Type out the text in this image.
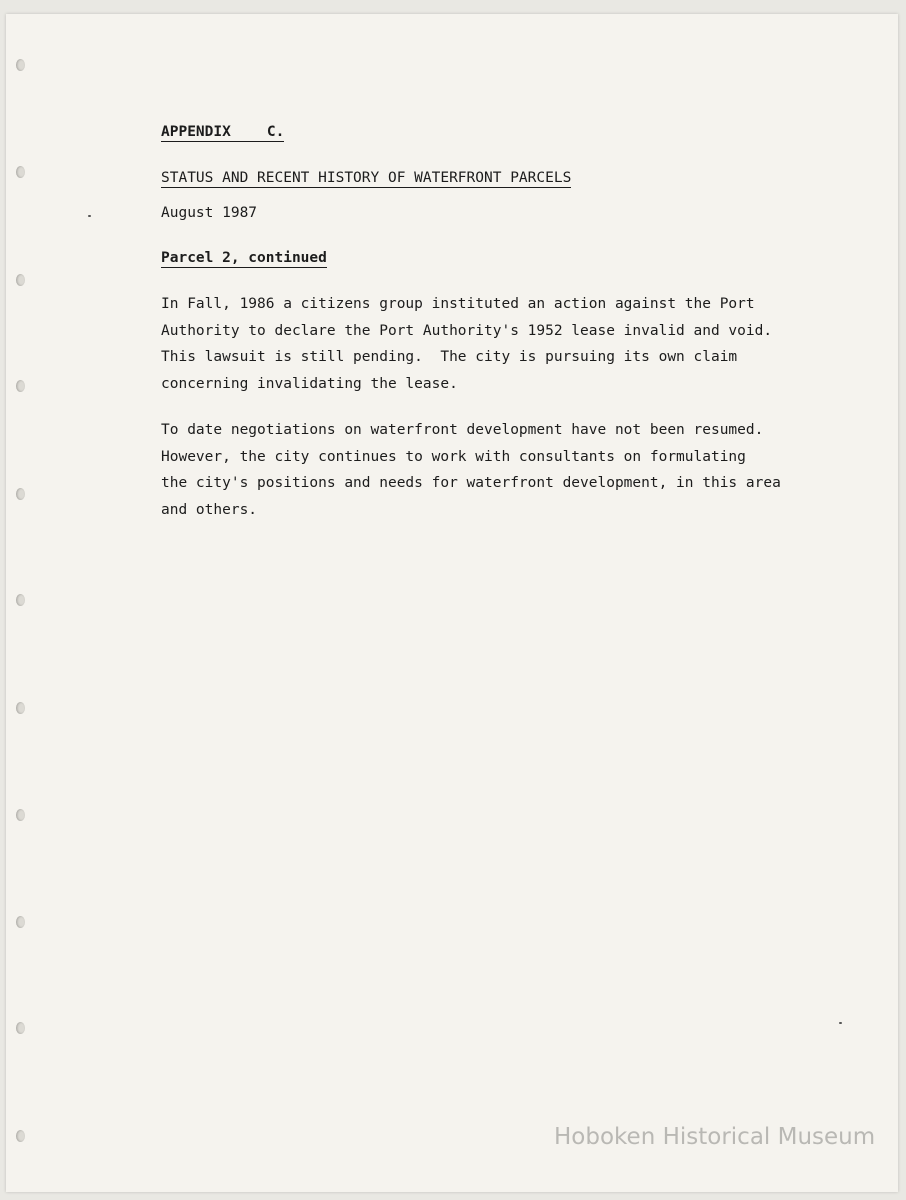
APPENDIX C.
STATUS AND RECENT HISTORY OF WATERFRONT PARCELS
August 1987
Parcel 2, continued

In Fall, 1986 a citizens group instituted an action against the Port
Authority to declare the Port Authority's 1952 lease invalid and void.
This lawsuit is still pending.  The city is pursuing its own claim
concerning invalidating the lease.

To date negotiations on waterfront development have not been resumed.
However, the city continues to work with consultants on formulating
the city's positions and needs for waterfront development, in this area
and others.

Hoboken Historical Museum
